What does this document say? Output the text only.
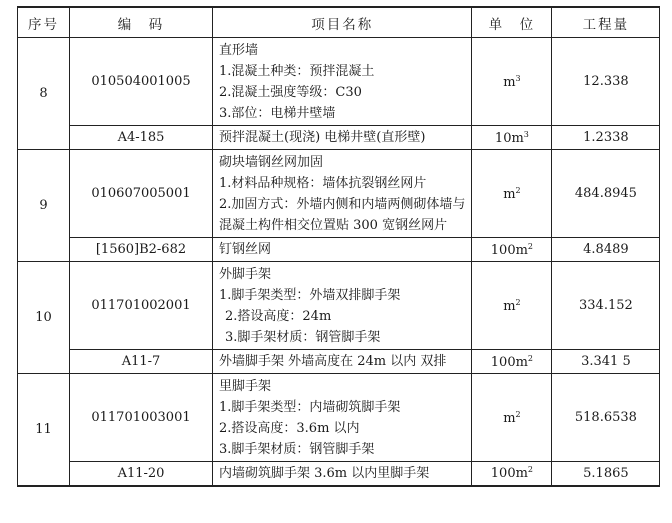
序号	编　码	项目名称	单　位	工程量
8	010504001005	直形墙
1.混凝土种类：预拌混凝土
2.混凝土强度等级：C30
3.部位：电梯井壁墙	$m^3$	12.338
	A4-185	预拌混凝土(现浇) 电梯井壁(直形壁)	$10m^3$	1.2338
9	010607005001	砌块墙钢丝网加固
1.材料品种规格：墙体抗裂钢丝网片
2.加固方式：外墙内侧和内墙两侧砌体墙与
混凝土构件相交位置贴 300 宽钢丝网片	$m^2$	484.8945
	[1560]B2-682	钉钢丝网	$100m^2$	4.8489
10	011701002001	外脚手架
1.脚手架类型：外墙双排脚手架
2.搭设高度：24m
3.脚手架材质：钢管脚手架	$m^2$	334.152
	A11-7	外墙脚手架 外墙高度在 24m 以内 双排	$100m^2$	3.341 5
11	011701003001	里脚手架
1.脚手架类型：内墙砌筑脚手架
2.搭设高度：3.6m 以内
3.脚手架材质：钢管脚手架	$m^2$	518.6538
	A11-20	内墙砌筑脚手架 3.6m 以内里脚手架	$100m^2$	5.1865
